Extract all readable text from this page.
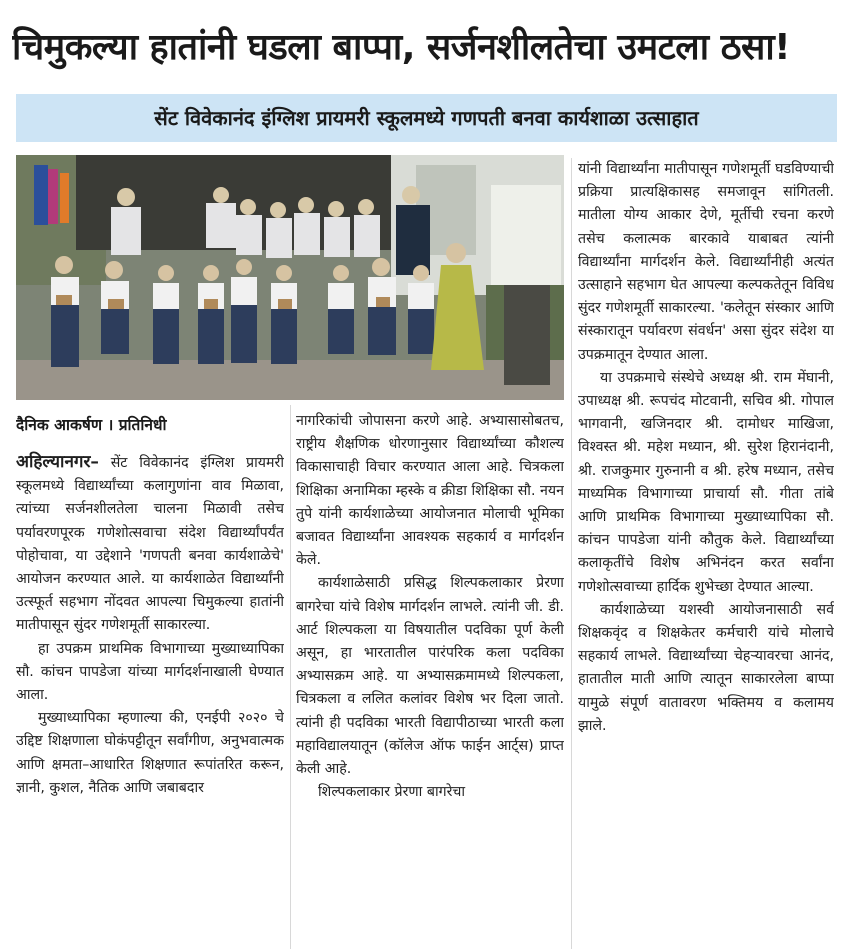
चिमुकल्या हातांनी घडला बाप्पा, सर्जनशीलतेचा उमटला ठसा!
सेंट विवेकानंद इंग्लिश प्रायमरी स्कूलमध्ये गणपती बनवा कार्यशाळा उत्साहात

दैनिक आकर्षण । प्रतिनिधी

अहिल्यानगर– सेंट विवेकानंद इंग्लिश प्रायमरी स्कूलमध्ये विद्यार्थ्यांच्या कलागुणांना वाव मिळावा, त्यांच्या सर्जनशीलतेला चालना मिळावी तसेच पर्यावरणपूरक गणेशोत्सवाचा संदेश विद्यार्थ्यांपर्यंत पोहोचावा, या उद्देशाने 'गणपती बनवा कार्यशाळेचे' आयोजन करण्यात आले. या कार्यशाळेत विद्यार्थ्यांनी उत्स्फूर्त सहभाग नोंदवत आपल्या चिमुकल्या हातांनी मातीपासून सुंदर गणेशमूर्ती साकारल्या.

हा उपक्रम प्राथमिक विभागाच्या मुख्याध्यापिका सौ. कांचन पापडेजा यांच्या मार्गदर्शनाखाली घेण्यात आला.

मुख्याध्यापिका म्हणाल्या की, एनईपी २०२० चे उद्दिष्ट शिक्षणाला घोकंपट्टीतून सर्वांगीण, अनुभवात्मक आणि क्षमता–आधारित शिक्षणात रूपांतरित करून, ज्ञानी, कुशल, नैतिक आणि जबाबदार

नागरिकांची जोपासना करणे आहे. अभ्यासासोबतच, राष्ट्रीय शैक्षणिक धोरणानुसार विद्यार्थ्यांच्या कौशल्य विकासाचाही विचार करण्यात आला आहे. चित्रकला शिक्षिका अनामिका म्हस्के व क्रीडा शिक्षिका सौ. नयन तुपे यांनी कार्यशाळेच्या आयोजनात मोलाची भूमिका बजावत विद्यार्थ्यांना आवश्यक सहकार्य व मार्गदर्शन केले.

कार्यशाळेसाठी प्रसिद्ध शिल्पकलाकार प्रेरणा बागरेचा यांचे विशेष मार्गदर्शन लाभले. त्यांनी जी. डी. आर्ट शिल्पकला या विषयातील पदविका पूर्ण केली असून, हा भारतातील पारंपरिक कला पदविका अभ्यासक्रम आहे. या अभ्यासक्रमामध्ये शिल्पकला, चित्रकला व ललित कलांवर विशेष भर दिला जातो. त्यांनी ही पदविका भारती विद्यापीठाच्या भारती कला महाविद्यालयातून (कॉलेज ऑफ फाईन आर्ट्स) प्राप्त केली आहे.

शिल्पकलाकार प्रेरणा बागरेचा

यांनी विद्यार्थ्यांना मातीपासून गणेशमूर्ती घडविण्याची प्रक्रिया प्रात्यक्षिकासह समजावून सांगितली. मातीला योग्य आकार देणे, मूर्तीची रचना करणे तसेच कलात्मक बारकावे याबाबत त्यांनी विद्यार्थ्यांना मार्गदर्शन केले. विद्यार्थ्यांनीही अत्यंत उत्साहाने सहभाग घेत आपल्या कल्पकतेतून विविध सुंदर गणेशमूर्ती साकारल्या. 'कलेतून संस्कार आणि संस्कारातून पर्यावरण संवर्धन' असा सुंदर संदेश या उपक्रमातून देण्यात आला.

या उपक्रमाचे संस्थेचे अध्यक्ष श्री. राम मेंघानी, उपाध्यक्ष श्री. रूपचंद मोटवानी, सचिव श्री. गोपाल भागवानी, खजिनदार श्री. दामोधर माखिजा, विश्वस्त श्री. महेश मध्यान, श्री. सुरेश हिरानंदानी, श्री. राजकुमार गुरुनानी व श्री. हरेष मध्यान, तसेच माध्यमिक विभागाच्या प्राचार्या सौ. गीता तांबे आणि प्राथमिक विभागाच्या मुख्याध्यापिका सौ. कांचन पापडेजा यांनी कौतुक केले. विद्यार्थ्यांच्या कलाकृतींचे विशेष अभिनंदन करत सर्वांना गणेशोत्सवाच्या हार्दिक शुभेच्छा देण्यात आल्या.

कार्यशाळेच्या यशस्वी आयोजनासाठी सर्व शिक्षकवृंद व शिक्षकेतर कर्मचारी यांचे मोलाचे सहकार्य लाभले. विद्यार्थ्यांच्या चेहऱ्यावरचा आनंद, हातातील माती आणि त्यातून साकारलेला बाप्पा यामुळे संपूर्ण वातावरण भक्तिमय व कलामय झाले.
